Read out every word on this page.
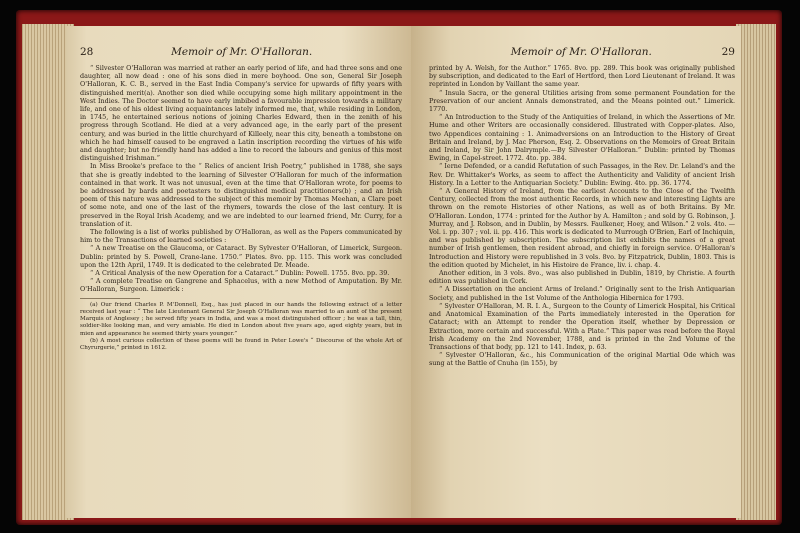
28	Memoir of Mr. O'Halloran.

“ Silvester O'Halloran was married at rather an early period of life, and had three sons and one daughter, all now dead : one of his sons died in mere boyhood. One son, General Sir Joseph O'Halloran, K. C. B., served in the East India Company's service for upwards of fifty years with distinguished merit(a). Another son died while occupying some high military appointment in the West Indies. The Doctor seemed to have early imbibed a favourable impression towards a military life, and one of his oldest living acquaintances lately informed me, that, while residing in London, in 1745, he entertained serious notions of joining Charles Edward, then in the zenith of his progress through Scotland. He died at a very advanced age, in the early part of the present century, and was buried in the little churchyard of Killeely, near this city, beneath a tombstone on which he had himself caused to be engraved a Latin inscription recording the virtues of his wife and daughter; but no friendly hand has added a line to record the labours and genius of this most distinguished Irishman.”

In Miss Brooke's preface to the “ Relics of ancient Irish Poetry,” published in 1788, she says that she is greatly indebted to the learning of Silvester O'Halloran for much of the information contained in that work. It was not unusual, even at the time that O'Halloran wrote, for poems to be addressed by bards and poetasters to distinguished medical practitioners(b) ; and an Irish poem of this nature was addressed to the subject of this memoir by Thomas Meehan, a Clare poet of some note, and one of the last of the rhymers, towards the close of the last century. It is preserved in the Royal Irish Academy, and we are indebted to our learned friend, Mr. Curry, for a translation of it.

The following is a list of works published by O'Halloran, as well as the Papers communicated by him to the Transactions of learned societies :

“ A new Treatise on the Glaucoma, or Cataract. By Sylvester O'Halloran, of Limerick, Surgeon. Dublin: printed by S. Powell, Crane-lane. 1750.” Plates. 8vo. pp. 115. This work was concluded upon the 12th April, 1749. It is dedicated to the celebrated Dr. Meade.

“ A Critical Analysis of the new Operation for a Cataract.” Dublin: Powell. 1755. 8vo. pp. 39.

“ A complete Treatise on Gangrene and Sphacelus, with a new Method of Amputation. By Mr. O'Halloran, Surgeon. Limerick :

(a) Our friend Charles P. M'Donnell, Esq., has just placed in our hands the following extract of a letter received last year : “ The late Lieutenant General Sir Joseph O'Halloran was married to an aunt of the present Marquis of Anglesey ; he served fifty years in India, and was a most distinguished officer ; he was a tall, thin, soldier-like looking man, and very amiable. He died in London about five years ago, aged eighty years, but in mien and appearance he seemed thirty years younger.”

(b) A most curious collection of these poems will be found in Peter Lowe's “ Discourse of the whole Art of Chyrurgerie,” printed in 1612.

Memoir of Mr. O'Halloran.	29

printed by A. Welsh, for the Author.” 1765. 8vo. pp. 289. This book was originally published by subscription, and dedicated to the Earl of Hertford, then Lord Lieutenant of Ireland. It was reprinted in London by Vaillant the same year.

“ Insula Sacra, or the general Utilities arising from some permanent Foundation for the Preservation of our ancient Annals demonstrated, and the Means pointed out.” Limerick. 1770.

“ An Introduction to the Study of the Antiquities of Ireland, in which the Assertions of Mr. Hume and other Writers are occasionally considered. Illustrated with Copper-plates. Also, two Appendices containing : 1. Animadversions on an Introduction to the History of Great Britain and Ireland, by J. Mac Pherson, Esq. 2. Observations on the Memoirs of Great Britain and Ireland, by Sir John Dalrymple.—By Silvester O'Halloran.” Dublin: printed by Thomas Ewing, in Capel-street. 1772. 4to. pp. 384.

“ Ierne Defended, or a candid Refutation of such Passages, in the Rev. Dr. Leland's and the Rev. Dr. Whittaker's Works, as seem to affect the Authenticity and Validity of ancient Irish History. In a Letter to the Antiquarian Society.” Dublin: Ewing. 4to. pp. 36. 1774.

“ A General History of Ireland, from the earliest Accounts to the Close of the Twelfth Century, collected from the most authentic Records, in which new and interesting Lights are thrown on the remote Histories of other Nations, as well as of both Britains. By Mr. O'Halloran. London, 1774 : printed for the Author by A. Hamilton ; and sold by G. Robinson, J. Murray, and J. Robson, and in Dublin, by Messrs. Faulkener, Hoey, and Wilson.” 2 vols. 4to. —Vol. i. pp. 307 ; vol. ii. pp. 416. This work is dedicated to Murrough O'Brien, Earl of Inchiquin, and was published by subscription. The subscription list exhibits the names of a great number of Irish gentlemen, then resident abroad, and chiefly in foreign service. O'Halloran's Introduction and History were republished in 3 vols. 8vo. by Fitzpatrick, Dublin, 1803. This is the edition quoted by Michelet, in his Histoire de France, liv. i. chap. 4.

Another edition, in 3 vols. 8vo., was also published in Dublin, 1819, by Christie. A fourth edition was published in Cork.

“ A Dissertation on the ancient Arms of Ireland.” Originally sent to the Irish Antiquarian Society, and published in the 1st Volume of the Anthologia Hibernica for 1793.

“ Sylvester O'Halloran, M. R. I. A., Surgeon to the County of Limerick Hospital, his Critical and Anatomical Examination of the Parts immediately interested in the Operation for Cataract; with an Attempt to render the Operation itself, whether by Depression or Extraction, more certain and successful. With a Plate.” This paper was read before the Royal Irish Academy on the 2nd November, 1788, and is printed in the 2nd Volume of the Transactions of that body, pp. 121 to 141. Index, p. 63.

“ Sylvester O'Halloran, &c., his Communication of the original Martial Ode which was sung at the Battle of Cnuha (in 155), by
